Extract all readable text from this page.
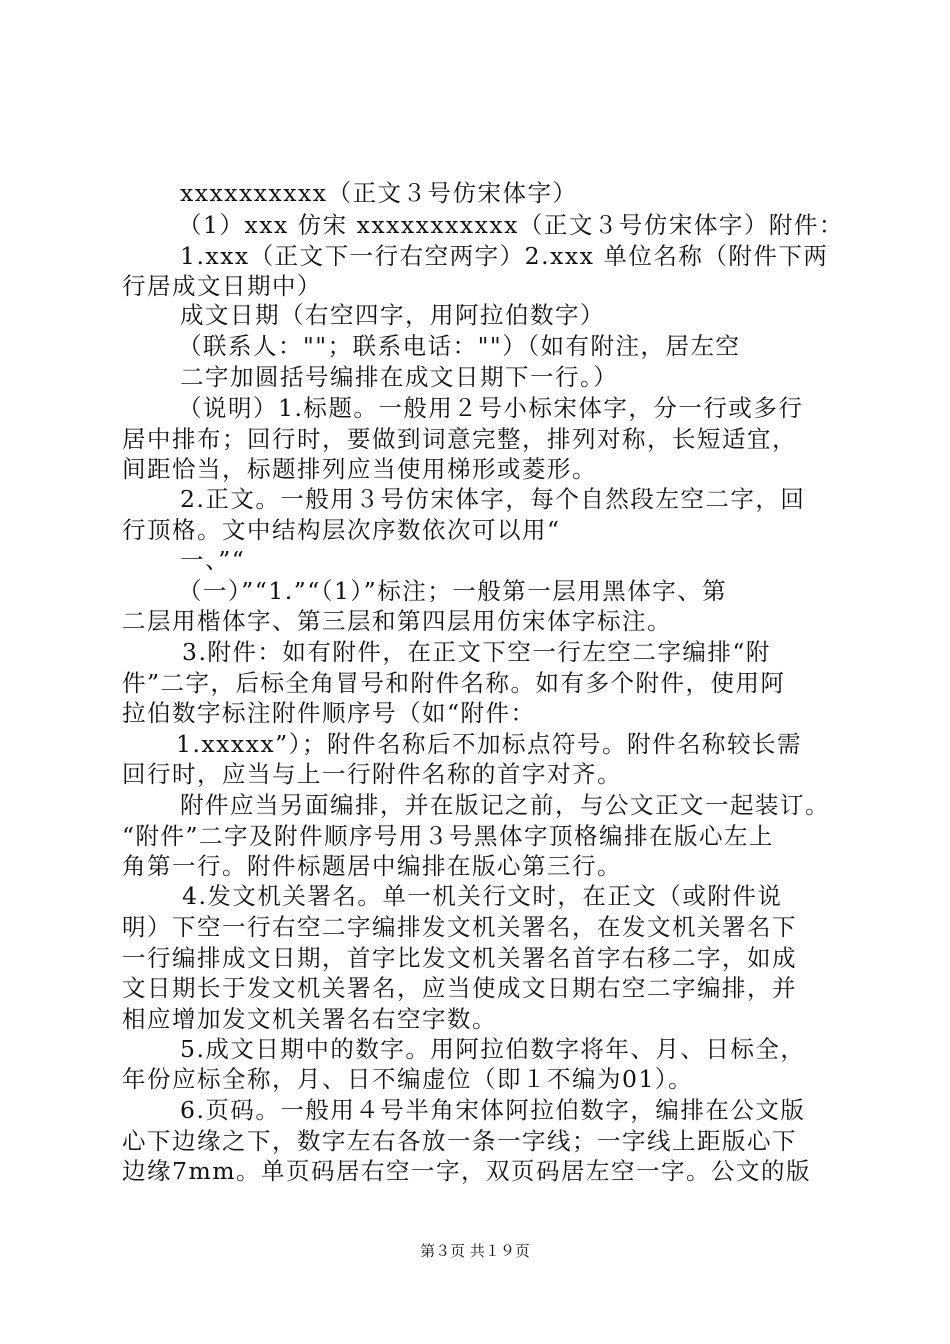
xxxxxxxxxx（正文３号仿宋体字）
（1）xxx 仿宋 xxxxxxxxxxx（正文３号仿宋体字）附件：
1.xxx（正文下一行右空两字）2.xxx 单位名称（附件下两
行居成文日期中）
成文日期（右空四字，用阿拉伯数字）
（联系人：""；联系电话：""）（如有附注，居左空
二字加圆括号编排在成文日期下一行。）
（说明）1.标题。一般用２号小标宋体字，分一行或多行
居中排布；回行时，要做到词意完整，排列对称，长短适宜，
间距恰当，标题排列应当使用梯形或菱形。
2.正文。一般用３号仿宋体字，每个自然段左空二字，回
行顶格。文中结构层次序数依次可以用“
一、”“
（一）”“1.”“（1）”标注；一般第一层用黑体字、第
二层用楷体字、第三层和第四层用仿宋体字标注。
3.附件：如有附件，在正文下空一行左空二字编排“附
件”二字，后标全角冒号和附件名称。如有多个附件，使用阿
拉伯数字标注附件顺序号（如“附件：
1.xxxxx”）；附件名称后不加标点符号。附件名称较长需
回行时，应当与上一行附件名称的首字对齐。
附件应当另面编排，并在版记之前，与公文正文一起装订。
“附件”二字及附件顺序号用３号黑体字顶格编排在版心左上
角第一行。附件标题居中编排在版心第三行。
4.发文机关署名。单一机关行文时，在正文（或附件说
明）下空一行右空二字编排发文机关署名，在发文机关署名下
一行编排成文日期，首字比发文机关署名首字右移二字，如成
文日期长于发文机关署名，应当使成文日期右空二字编排，并
相应增加发文机关署名右空字数。
5.成文日期中的数字。用阿拉伯数字将年、月、日标全，
年份应标全称，月、日不编虚位（即１不编为01）。
6.页码。一般用４号半角宋体阿拉伯数字，编排在公文版
心下边缘之下，数字左右各放一条一字线；一字线上距版心下
边缘7mm。单页码居右空一字，双页码居左空一字。公文的版
第３页 共１９页
